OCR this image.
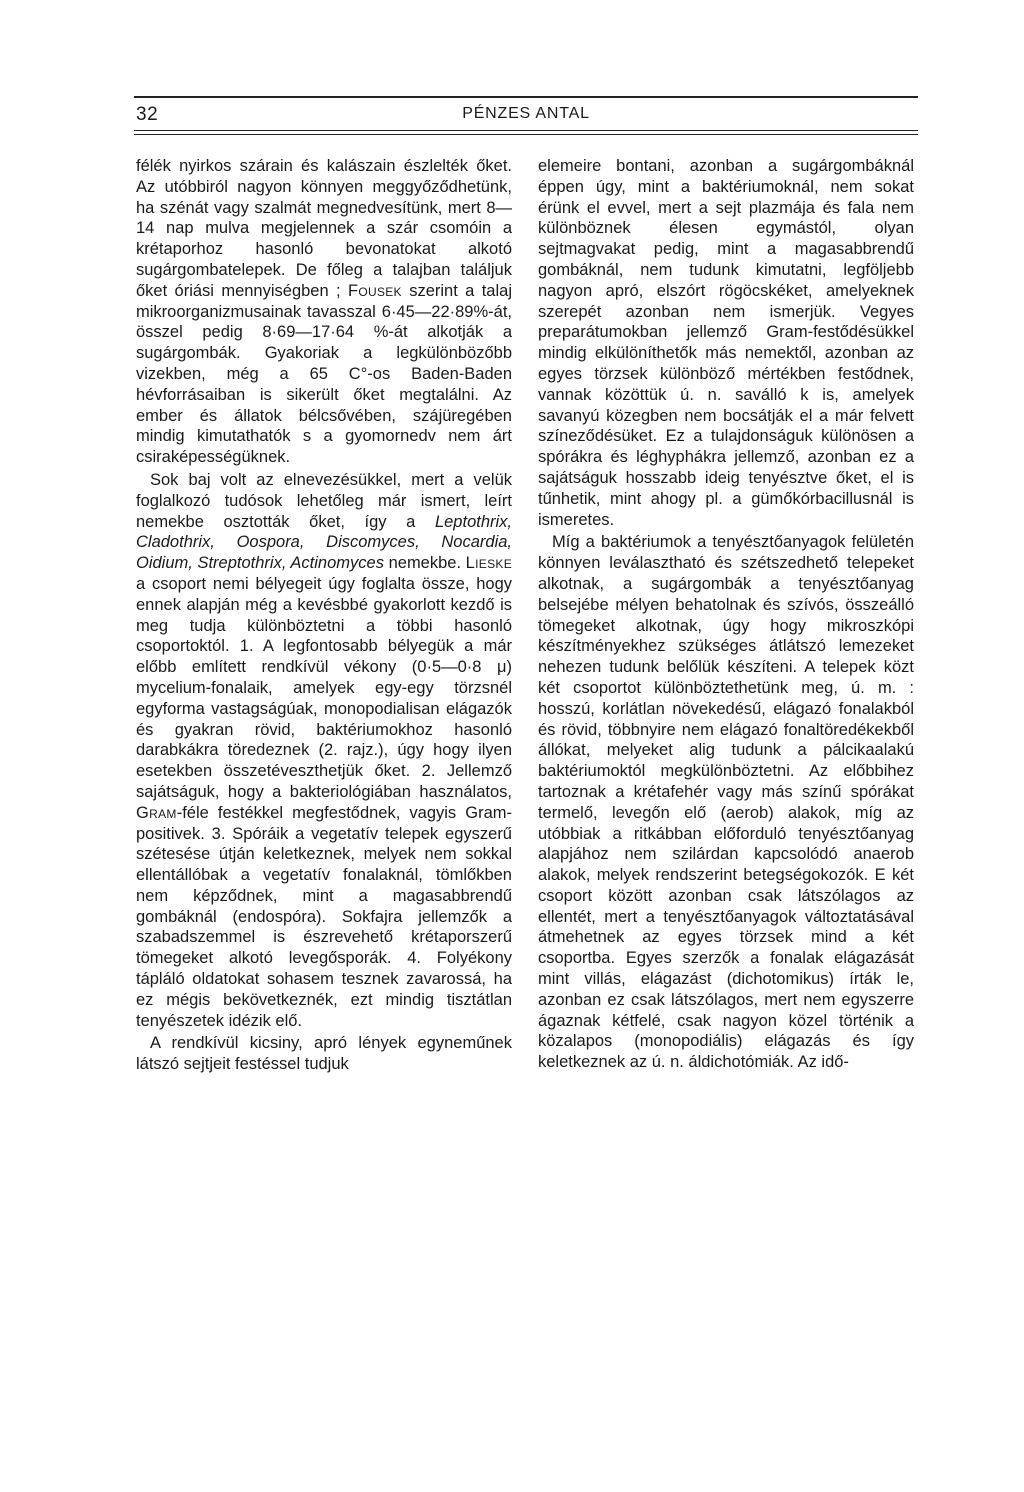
32	PÉNZES ANTAL

félék nyirkos szárain és kalászain észlelték őket. Az utóbbiról nagyon könnyen meggyőződhetünk, ha szénát vagy szalmát megnedvesítünk, mert 8—14 nap mulva megjelennek a szár csomóin a krétaporhoz hasonló bevonatokat alkotó sugárgombatelepek. De főleg a talajban találjuk őket óriási mennyiségben ; Fousek szerint a talaj mikroorganizmusainak tavasszal 6·45—22·89%-át, összel pedig 8·69—17·64 %-át alkotják a sugárgombák. Gyakoriak a legkülönbözőbb vizekben, még a 65 C°-os Baden-Baden hévforrásaiban is sikerült őket megtalálni. Az ember és állatok bélcsővében, szájüregében mindig kimutathatók s a gyomornedv nem árt csiraképességüknek.

Sok baj volt az elnevezésükkel, mert a velük foglalkozó tudósok lehetőleg már ismert, leírt nemekbe osztották őket, így a Leptothrix, Cladothrix, Oospora, Discomyces, Nocardia, Oidium, Streptothrix, Actinomyces nemekbe. Lieske a csoport nemi bélyegeit úgy foglalta össze, hogy ennek alapján még a kevésbbé gyakorlott kezdő is meg tudja különböztetni a többi hasonló csoportoktól. 1. A legfontosabb bélyegük a már előbb említett rendkívül vékony (0·5—0·8 μ) mycelium-fonalaik, amelyek egy-egy törzsnél egyforma vastagságúak, monopodialisan elágazók és gyakran rövid, baktériumokhoz hasonló darabkákra töredeznek (2. rajz.), úgy hogy ilyen esetekben összetéveszthetjük őket. 2. Jellemző sajátságuk, hogy a bakteriológiában használatos, Gram-féle festékkel megfestődnek, vagyis Gram-positivek. 3. Spóráik a vegetatív telepek egyszerű szétesése útján keletkeznek, melyek nem sokkal ellentállóbak a vegetatív fonalaknál, tömlőkben nem képződnek, mint a magasabbrendű gombáknál (endospóra). Sokfajra jellemzők a szabadszemmel is észrevehető krétaporszerű tömegeket alkotó levegősporák. 4. Folyékony tápláló oldatokat sohasem tesznek zavarossá, ha ez mégis bekövetkeznék, ezt mindig tisztátlan tenyészetek idézik elő.

A rendkívül kicsiny, apró lények egyneműnek látszó sejtjeit festéssel tudjuk

elemeire bontani, azonban a sugárgombáknál éppen úgy, mint a baktériumoknál, nem sokat érünk el evvel, mert a sejt plazmája és fala nem különböznek élesen egymástól, olyan sejtmagvakat pedig, mint a magasabbrendű gombáknál, nem tudunk kimutatni, legföljebb nagyon apró, elszórt rögöcskéket, amelyeknek szerepét azonban nem ismerjük. Vegyes preparátumokban jellemző Gram-festődésükkel mindig elkülöníthetők más nemektől, azonban az egyes törzsek különböző mértékben festődnek, vannak közöttük ú. n. saválló k is, amelyek savanyú közegben nem bocsátják el a már felvett színeződésüket. Ez a tulajdonságuk különösen a spórákra és léghyphákra jellemző, azonban ez a sajátságuk hosszabb ideig tenyésztve őket, el is tűnhetik, mint ahogy pl. a gümőkórbacillusnál is ismeretes.

Míg a baktériumok a tenyésztőanyagok felületén könnyen leválasztható és szétszedhető telepeket alkotnak, a sugárgombák a tenyésztőanyag belsejébe mélyen behatolnak és szívós, összeálló tömegeket alkotnak, úgy hogy mikroszkópi készítményekhez szükséges átlátszó lemezeket nehezen tudunk belőlük készíteni. A telepek közt két csoportot különböztethetünk meg, ú. m. : hosszú, korlátlan növekedésű, elágazó fonalakból és rövid, többnyire nem elágazó fonaltöredékekből állókat, melyeket alig tudunk a pálcikaalakú baktériumoktól megkülönböztetni. Az előbbihez tartoznak a krétafehér vagy más színű spórákat termelő, levegőn elő (aerob) alakok, míg az utóbbiak a ritkábban előforduló tenyésztőanyag alapjához nem szilárdan kapcsolódó anaerob alakok, melyek rendszerint betegségokozók. E két csoport között azonban csak látszólagos az ellentét, mert a tenyésztőanyagok változtatásával átmehetnek az egyes törzsek mind a két csoportba. Egyes szerzők a fonalak elágazását mint villás, elágazást (dichotomikus) írták le, azonban ez csak látszólagos, mert nem egyszerre ágaznak kétfelé, csak nagyon közel történik a közalapos (monopodiális) elágazás és így keletkeznek az ú. n. áldichotómiák. Az idő-
